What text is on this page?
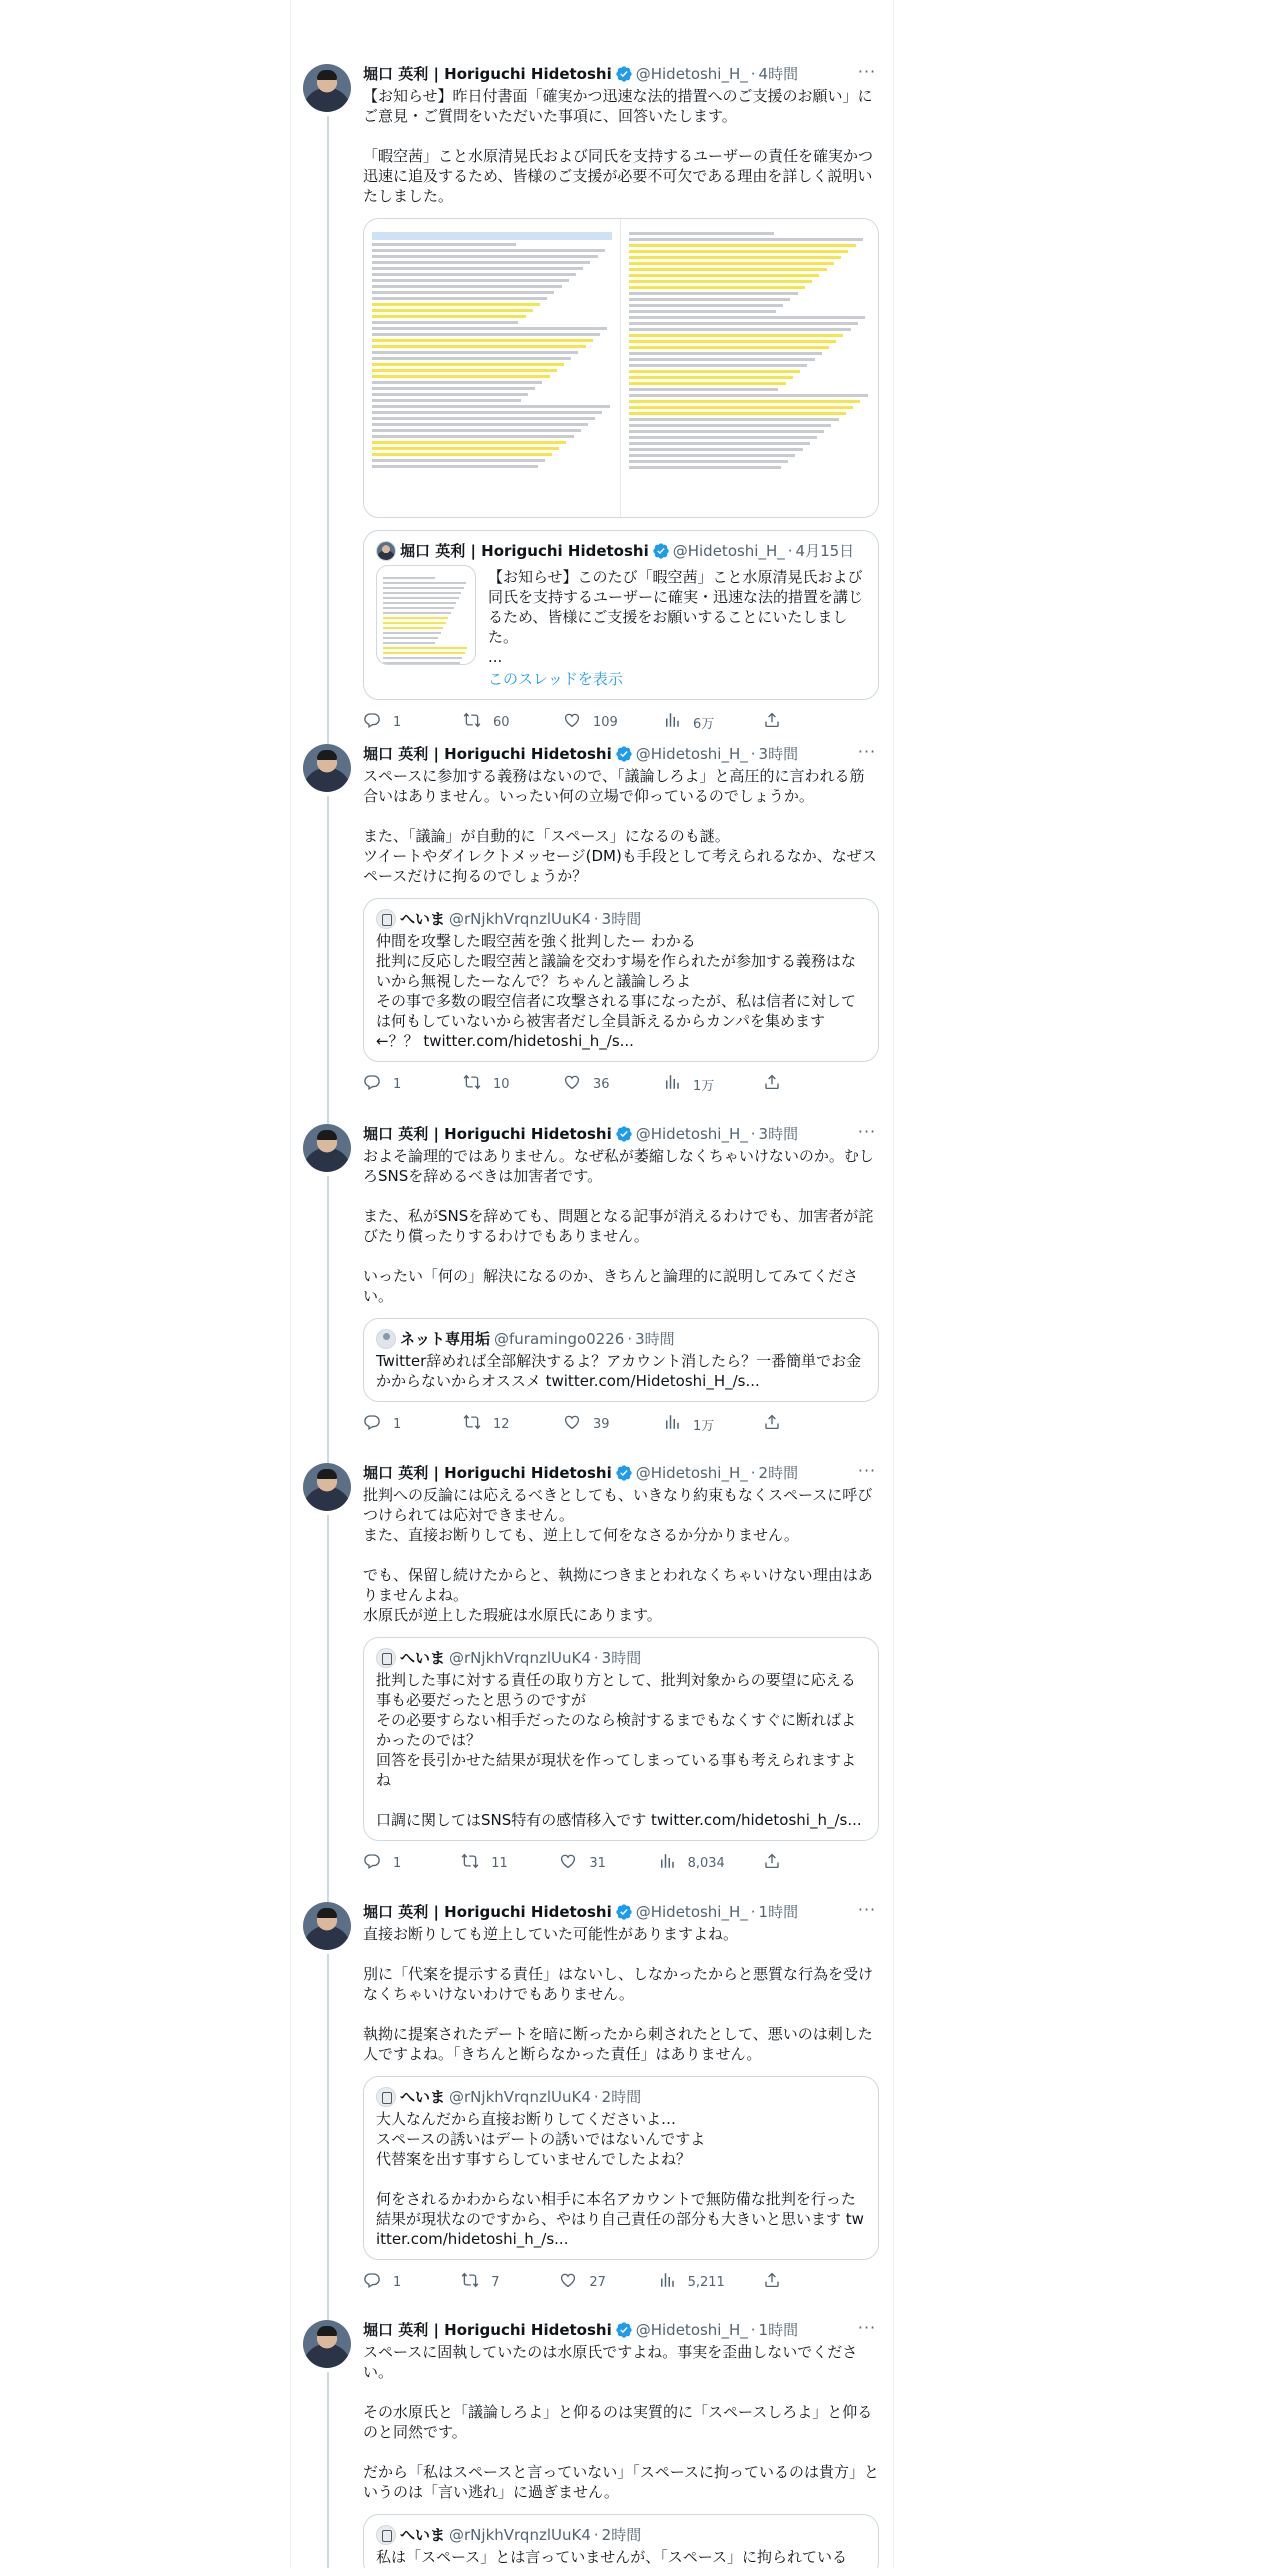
堀口 英利 | Horiguchi Hidetoshi @Hidetoshi_H_ · 4時間	···
【お知らせ】昨日付書面「確実かつ迅速な法的措置へのご支援のお願い」にご意見・ご質問をいただいた事項に、回答いたします。

「暇空茜」こと水原清晃氏および同氏を支持するユーザーの責任を確実かつ迅速に追及するため、皆様のご支援が必要不可欠である理由を詳しく説明いたしました。
堀口 英利 | Horiguchi Hidetoshi @Hidetoshi_H_ · 4月15日
【お知らせ】このたび「暇空茜」こと水原清晃氏および同氏を支持するユーザーに確実・迅速な法的措置を講じるため、皆様にご支援をお願いすることにいたしました。
...
このスレッドを表示
1	60	109	6万
堀口 英利 | Horiguchi Hidetoshi @Hidetoshi_H_ · 3時間	···
スペースに参加する義務はないので、「議論しろよ」と高圧的に言われる筋合いはありません。いったい何の立場で仰っているのでしょうか。

また、「議論」が自動的に「スペース」になるのも謎。
ツイートやダイレクトメッセージ(DM)も手段として考えられるなか、なぜスペースだけに拘るのでしょうか？
へいま @rNjkhVrqnzlUuK4 · 3時間
仲間を攻撃した暇空茜を強く批判したー わかる
批判に反応した暇空茜と議論を交わす場を作られたが参加する義務はないから無視したーなんで？ちゃんと議論しろよ
その事で多数の暇空信者に攻撃される事になったが、私は信者に対しては何もしていないから被害者だし全員訴えるからカンパを集めます←？？ twitter.com/hidetoshi_h_/s...
1	10	36	1万
堀口 英利 | Horiguchi Hidetoshi @Hidetoshi_H_ · 3時間	···
およそ論理的ではありません。なぜ私が萎縮しなくちゃいけないのか。むしろSNSを辞めるべきは加害者です。

また、私がSNSを辞めても、問題となる記事が消えるわけでも、加害者が詫びたり償ったりするわけでもありません。

いったい「何の」解決になるのか、きちんと論理的に説明してみてください。
ネット専用垢 @furamingo0226 · 3時間
Twitter辞めれば全部解決するよ？アカウント消したら？一番簡単でお金かからないからオススメ twitter.com/Hidetoshi_H_/s...
1	12	39	1万
堀口 英利 | Horiguchi Hidetoshi @Hidetoshi_H_ · 2時間	···
批判への反論には応えるべきとしても、いきなり約束もなくスペースに呼びつけられては応対できません。
また、直接お断りしても、逆上して何をなさるか分かりません。

でも、保留し続けたからと、執拗につきまとわれなくちゃいけない理由はありませんよね。
水原氏が逆上した瑕疵は水原氏にあります。
へいま @rNjkhVrqnzlUuK4 · 3時間
批判した事に対する責任の取り方として、批判対象からの要望に応える事も必要だったと思うのですが
その必要すらない相手だったのなら検討するまでもなくすぐに断ればよかったのでは？
回答を長引かせた結果が現状を作ってしまっている事も考えられますよね

口調に関してはSNS特有の感情移入です twitter.com/hidetoshi_h_/s...
1	11	31	8,034
堀口 英利 | Horiguchi Hidetoshi @Hidetoshi_H_ · 1時間	···
直接お断りしても逆上していた可能性がありますよね。

別に「代案を提示する責任」はないし、しなかったからと悪質な行為を受けなくちゃいけないわけでもありません。

執拗に提案されたデートを暗に断ったから刺されたとして、悪いのは刺した人ですよね。「きちんと断らなかった責任」はありません。
へいま @rNjkhVrqnzlUuK4 · 2時間
大人なんだから直接お断りしてくださいよ…
スペースの誘いはデートの誘いではないんですよ
代替案を出す事すらしていませんでしたよね？

何をされるかわからない相手に本名アカウントで無防備な批判を行った結果が現状なのですから、やはり自己責任の部分も大きいと思います twitter.com/hidetoshi_h_/s...
1	7	27	5,211
堀口 英利 | Horiguchi Hidetoshi @Hidetoshi_H_ · 1時間	···
スペースに固執していたのは水原氏ですよね。事実を歪曲しないでください。

その水原氏と「議論しろよ」と仰るのは実質的に「スペースしろよ」と仰るのと同然です。

だから「私はスペースと言っていない」「スペースに拘っているのは貴方」というのは「言い逃れ」に過ぎません。
へいま @rNjkhVrqnzlUuK4 · 2時間
私は「スペース」とは言っていませんが、「スペース」に拘られている
